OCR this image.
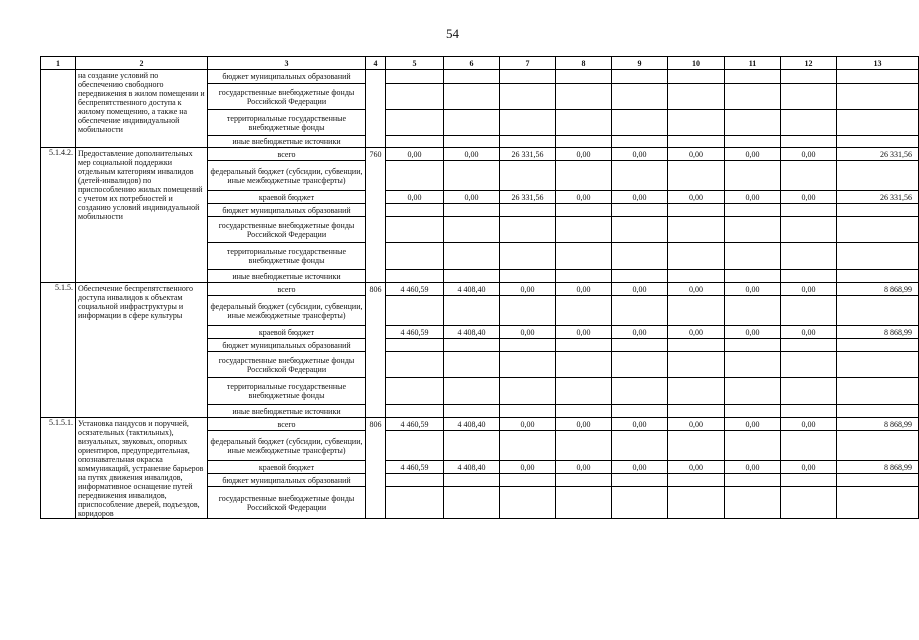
54
1	2	3	4	5	6	7	8	9	10	11	12	13
	на создание условий по обеспечению свободного передвижения в жилом помещении и беспрепятственного доступа к жилому помещению, а также на обеспечение индивидуальной мобильности	бюджет муниципальных образований										
		государственные внебюджетные фонды Российской Федерации										
		территориальные государственные внебюджетные фонды										
		иные внебюджетные источники										
5.1.4.2.	Предоставление дополнительных мер социальной поддержки отдельным категориям инвалидов (детей-инвалидов) по приспособлению жилых помещений с учетом их потребностей и созданию условий индивидуальной мобильности	всего	760	0,00	0,00	26 331,56	0,00	0,00	0,00	0,00	0,00	26 331,56
		федеральный бюджет (субсидии, субвенции, иные межбюджетные трансферты)										
		краевой бюджет		0,00	0,00	26 331,56	0,00	0,00	0,00	0,00	0,00	26 331,56
		бюджет муниципальных образований										
		государственные внебюджетные фонды Российской Федерации										
		территориальные государственные внебюджетные фонды										
		иные внебюджетные источники										
5.1.5.	Обеспечение беспрепятственного доступа инвалидов к объектам социальной инфраструктуры и информации в сфере культуры	всего	806	4 460,59	4 408,40	0,00	0,00	0,00	0,00	0,00	0,00	8 868,99
		федеральный бюджет (субсидии, субвенции, иные межбюджетные трансферты)										
		краевой бюджет		4 460,59	4 408,40	0,00	0,00	0,00	0,00	0,00	0,00	8 868,99
		бюджет муниципальных образований										
		государственные внебюджетные фонды Российской Федерации										
		территориальные государственные внебюджетные фонды										
		иные внебюджетные источники										
5.1.5.1.	Установка пандусов и поручней, осязательных (тактильных), визуальных, звуковых, опорных ориентиров, предупредительная, опознавательная окраска коммуникаций, устранение барьеров на путях движения инвалидов, информативное оснащение путей передвижения инвалидов, приспособление дверей, подъездов, коридоров	всего	806	4 460,59	4 408,40	0,00	0,00	0,00	0,00	0,00	0,00	8 868,99
		федеральный бюджет (субсидии, субвенции, иные межбюджетные трансферты)										
		краевой бюджет		4 460,59	4 408,40	0,00	0,00	0,00	0,00	0,00	0,00	8 868,99
		бюджет муниципальных образований										
		государственные внебюджетные фонды Российской Федерации										
